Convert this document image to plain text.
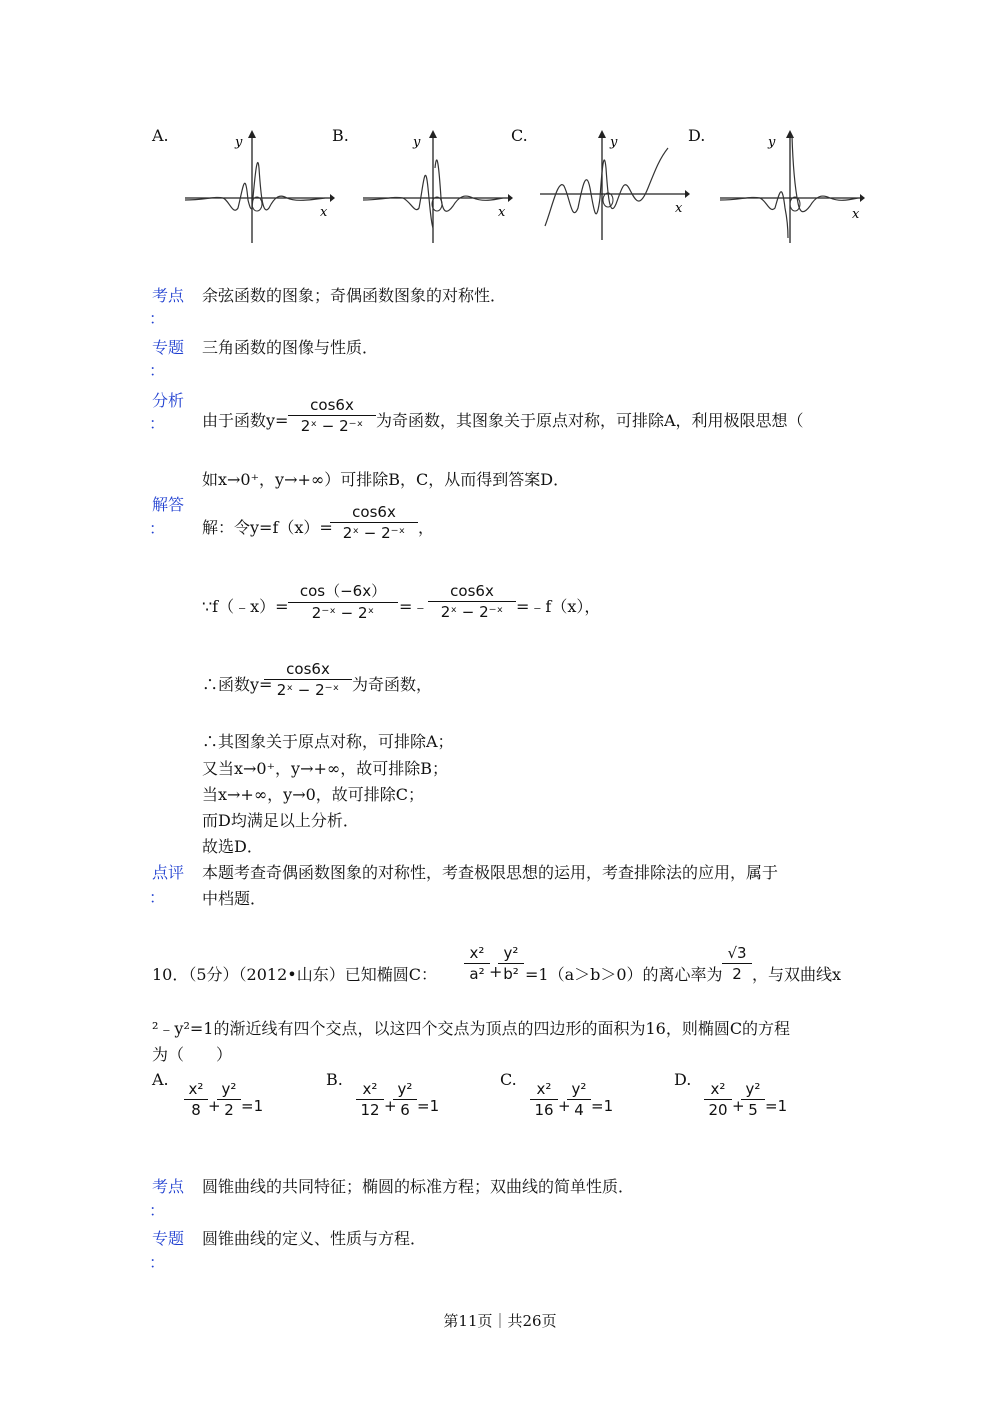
A.	y
x
B.	y
x
C.	y
x
D.	y
x
考点
：
余弦函数的图象；奇偶函数图象的对称性．
专题
：
三角函数的图像与性质．
分析
： 由于函数y=
cos6x
2ˣ − 2⁻ˣ 为奇函数，其图象关于原点对称，可排除A，利用极限思想（
如x→0⁺，y→+∞）可排除B，C，从而得到答案D．
解答
： 解：令y=f（x）=
cos6x
2ˣ − 2⁻ˣ ，
∵f（﹣x）=
cos（−6x）
2⁻ˣ − 2ˣ	=﹣
cos6x
2ˣ − 2⁻ˣ =﹣f（x），
∴函数y=
cos6x
2ˣ − 2⁻ˣ 为奇函数，
∴其图象关于原点对称，可排除A；
又当x→0⁺，y→+∞，故可排除B；
当x→+∞，y→0，故可排除C；
而D均满足以上分析．
故选D．
点评
：
本题考查奇偶函数图象的对称性，考查极限思想的运用，考查排除法的应用，属于
中档题．
10．（5分）（2012•山东）已知椭圆C：
x²
a² +
y²
b² =1（a＞b＞0）的离心率为
√3
2 ，与双曲线x
²﹣y²=1的渐近线有四个交点，以这四个交点为顶点的四边形的面积为16，则椭圆C的方程
为（　　）
A.	x²
8 +
y²
2 =1
B.	x²
12 +
y²
6 =1
C.	x²
16 +
y²
4 =1
D.	x²
20 +
y²
5 =1
考点
：
圆锥曲线的共同特征；椭圆的标准方程；双曲线的简单性质．
专题
：
圆锥曲线的定义、性质与方程．
第11页｜共26页
